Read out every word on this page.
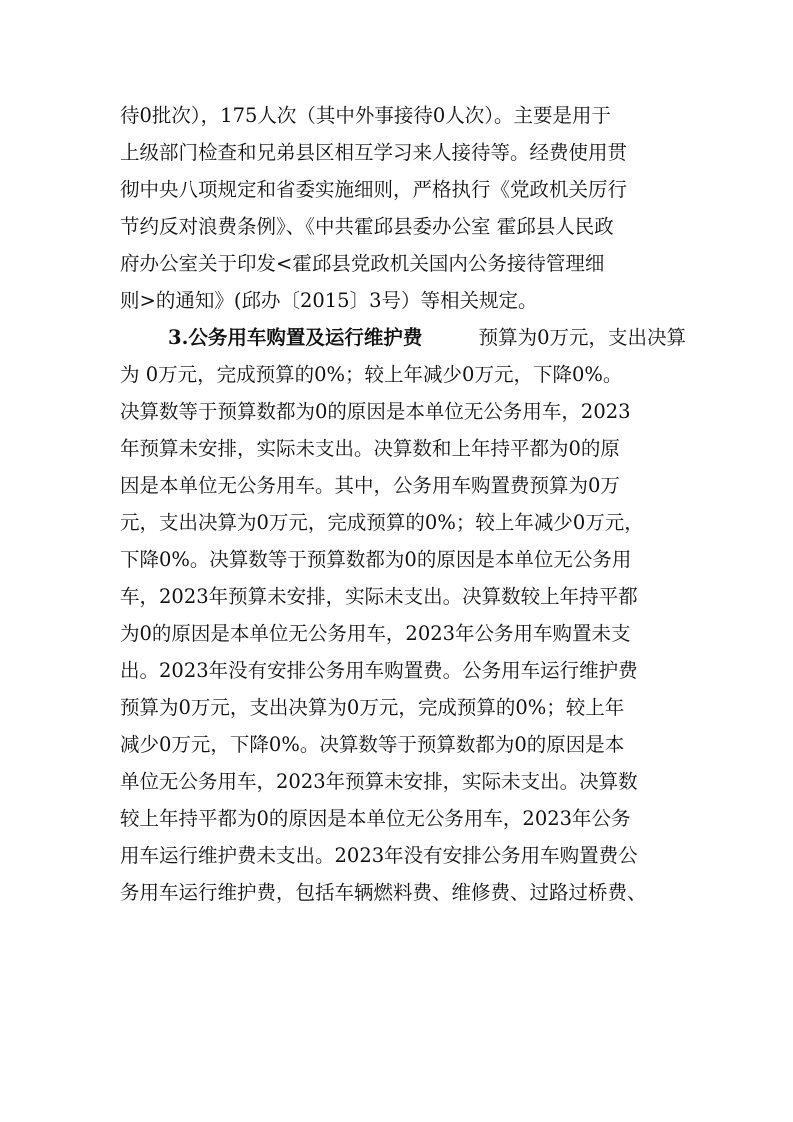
待0批次），175人次（其中外事接待0人次）。主要是用于
上级部门检查和兄弟县区相互学习来人接待等。经费使用贯
彻中央八项规定和省委实施细则，严格执行《党政机关厉行
节约反对浪费条例》、《中共霍邱县委办公室 霍邱县人民政
府办公室关于印发<霍邱县党政机关国内公务接待管理细
则>的通知》(邱办〔2015〕3号）等相关规定。
3.公务用车购置及运行维护费	预算为0万元，支出决算
为 0万元，完成预算的0%；较上年减少0万元，下降0%。
决算数等于预算数都为0的原因是本单位无公务用车，2023
年预算未安排，实际未支出。决算数和上年持平都为0的原
因是本单位无公务用车。其中，公务用车购置费预算为0万
元，支出决算为0万元，完成预算的0%；较上年减少0万元，
下降0%。决算数等于预算数都为0的原因是本单位无公务用
车，2023年预算未安排，实际未支出。决算数较上年持平都
为0的原因是本单位无公务用车，2023年公务用车购置未支
出。2023年没有安排公务用车购置费。公务用车运行维护费
预算为0万元，支出决算为0万元，完成预算的0%；较上年
减少0万元，下降0%。决算数等于预算数都为0的原因是本
单位无公务用车，2023年预算未安排，实际未支出。决算数
较上年持平都为0的原因是本单位无公务用车，2023年公务
用车运行维护费未支出。2023年没有安排公务用车购置费公
务用车运行维护费，包括车辆燃料费、维修费、过路过桥费、
